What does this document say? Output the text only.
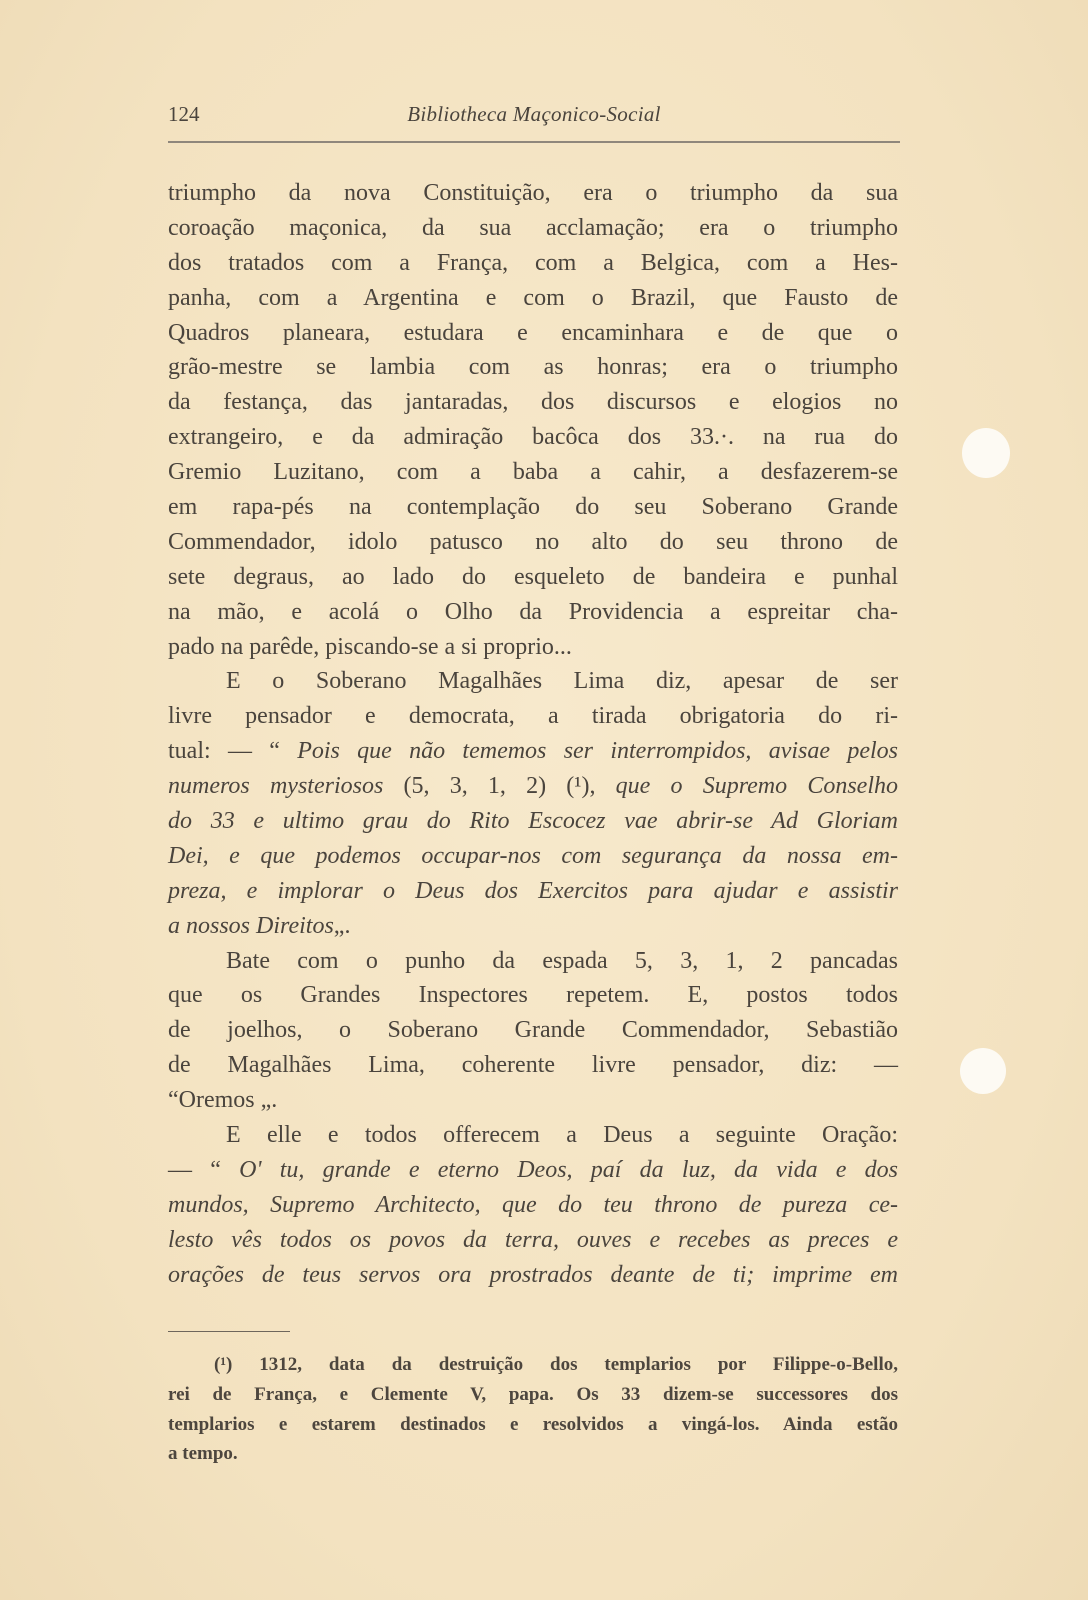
124	Bibliotheca Maçonico-Social
triumpho da nova Constituição, era o triumpho da sua
coroação maçonica, da sua acclamação; era o triumpho
dos tratados com a França, com a Belgica, com a Hes-
panha, com a Argentina e com o Brazil, que Fausto de
Quadros planeara, estudara e encaminhara e de que o
grão-mestre se lambia com as honras; era o triumpho
da festança, das jantaradas, dos discursos e elogios no
extrangeiro, e da admiração bacôca dos 33.·. na rua do
Gremio Luzitano, com a baba a cahir, a desfazerem-se
em rapa-pés na contemplação do seu Soberano Grande
Commendador, idolo patusco no alto do seu throno de
sete degraus, ao lado do esqueleto de bandeira e punhal
na mão, e acolá o Olho da Providencia a espreitar cha-
pado na parêde, piscando-se a si proprio...
E o Soberano Magalhães Lima diz, apesar de ser
livre pensador e democrata, a tirada obrigatoria do ri-
tual: — “ Pois que não tememos ser interrompidos, avisae pelos
numeros mysteriosos (5, 3, 1, 2) (¹), que o Supremo Conselho
do 33 e ultimo grau do Rito Escocez vae abrir-se Ad Gloriam
Dei, e que podemos occupar-nos com segurança da nossa em-
preza, e implorar o Deus dos Exercitos para ajudar e assistir
a nossos Direitos„.
Bate com o punho da espada 5, 3, 1, 2 pancadas
que os Grandes Inspectores repetem. E, postos todos
de joelhos, o Soberano Grande Commendador, Sebastião
de Magalhães Lima, coherente livre pensador, diz: —
“Oremos „.
E elle e todos offerecem a Deus a seguinte Oração:
— “ O' tu, grande e eterno Deos, paí da luz, da vida e dos
mundos, Supremo Architecto, que do teu throno de pureza ce-
lesto vês todos os povos da terra, ouves e recebes as preces e
orações de teus servos ora prostrados deante de ti; imprime em
(¹) 1312, data da destruição dos templarios por Filippe-o-Bello,
rei de França, e Clemente V, papa. Os 33 dizem-se successores dos
templarios e estarem destinados e resolvidos a vingá-los. Ainda estão
a tempo.
